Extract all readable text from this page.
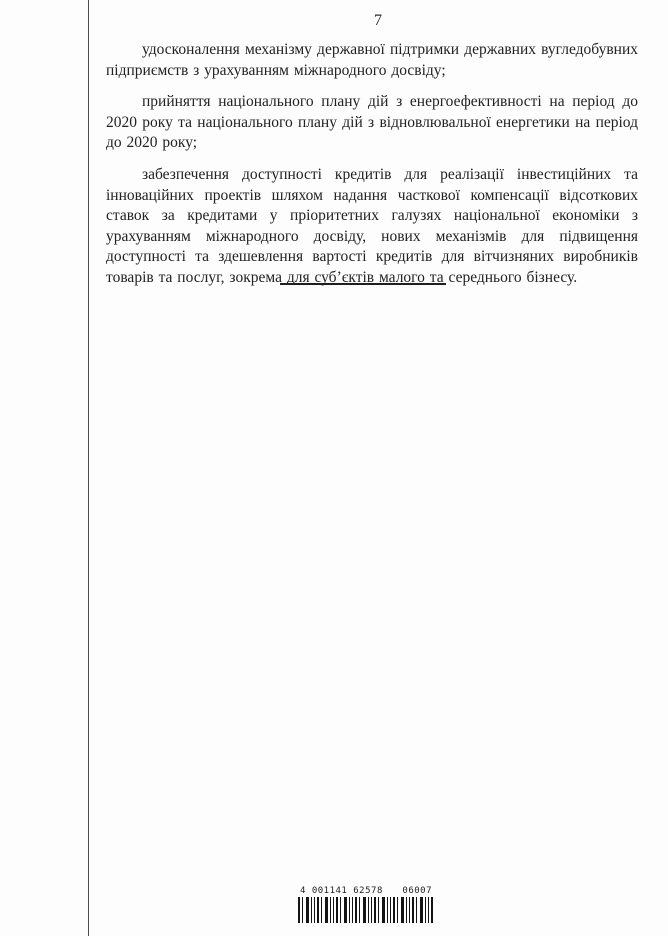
7

удосконалення механізму державної підтримки державних вугледобувних підприємств з урахуванням міжнародного досвіду;

прийняття національного плану дій з енергоефективності на період до 2020 року та національного плану дій з відновлювальної енергетики на період до 2020 року;

забезпечення доступності кредитів для реалізації інвестиційних та інноваційних проектів шляхом надання часткової компенсації відсоткових ставок за кредитами у пріоритетних галузях національної економіки з урахуванням міжнародного досвіду, нових механізмів для підвищення доступності та здешевлення вартості кредитів для вітчизняних виробників товарів та послуг, зокрема для суб’єктів малого та середнього бізнесу.

4 001141 62578 06007
